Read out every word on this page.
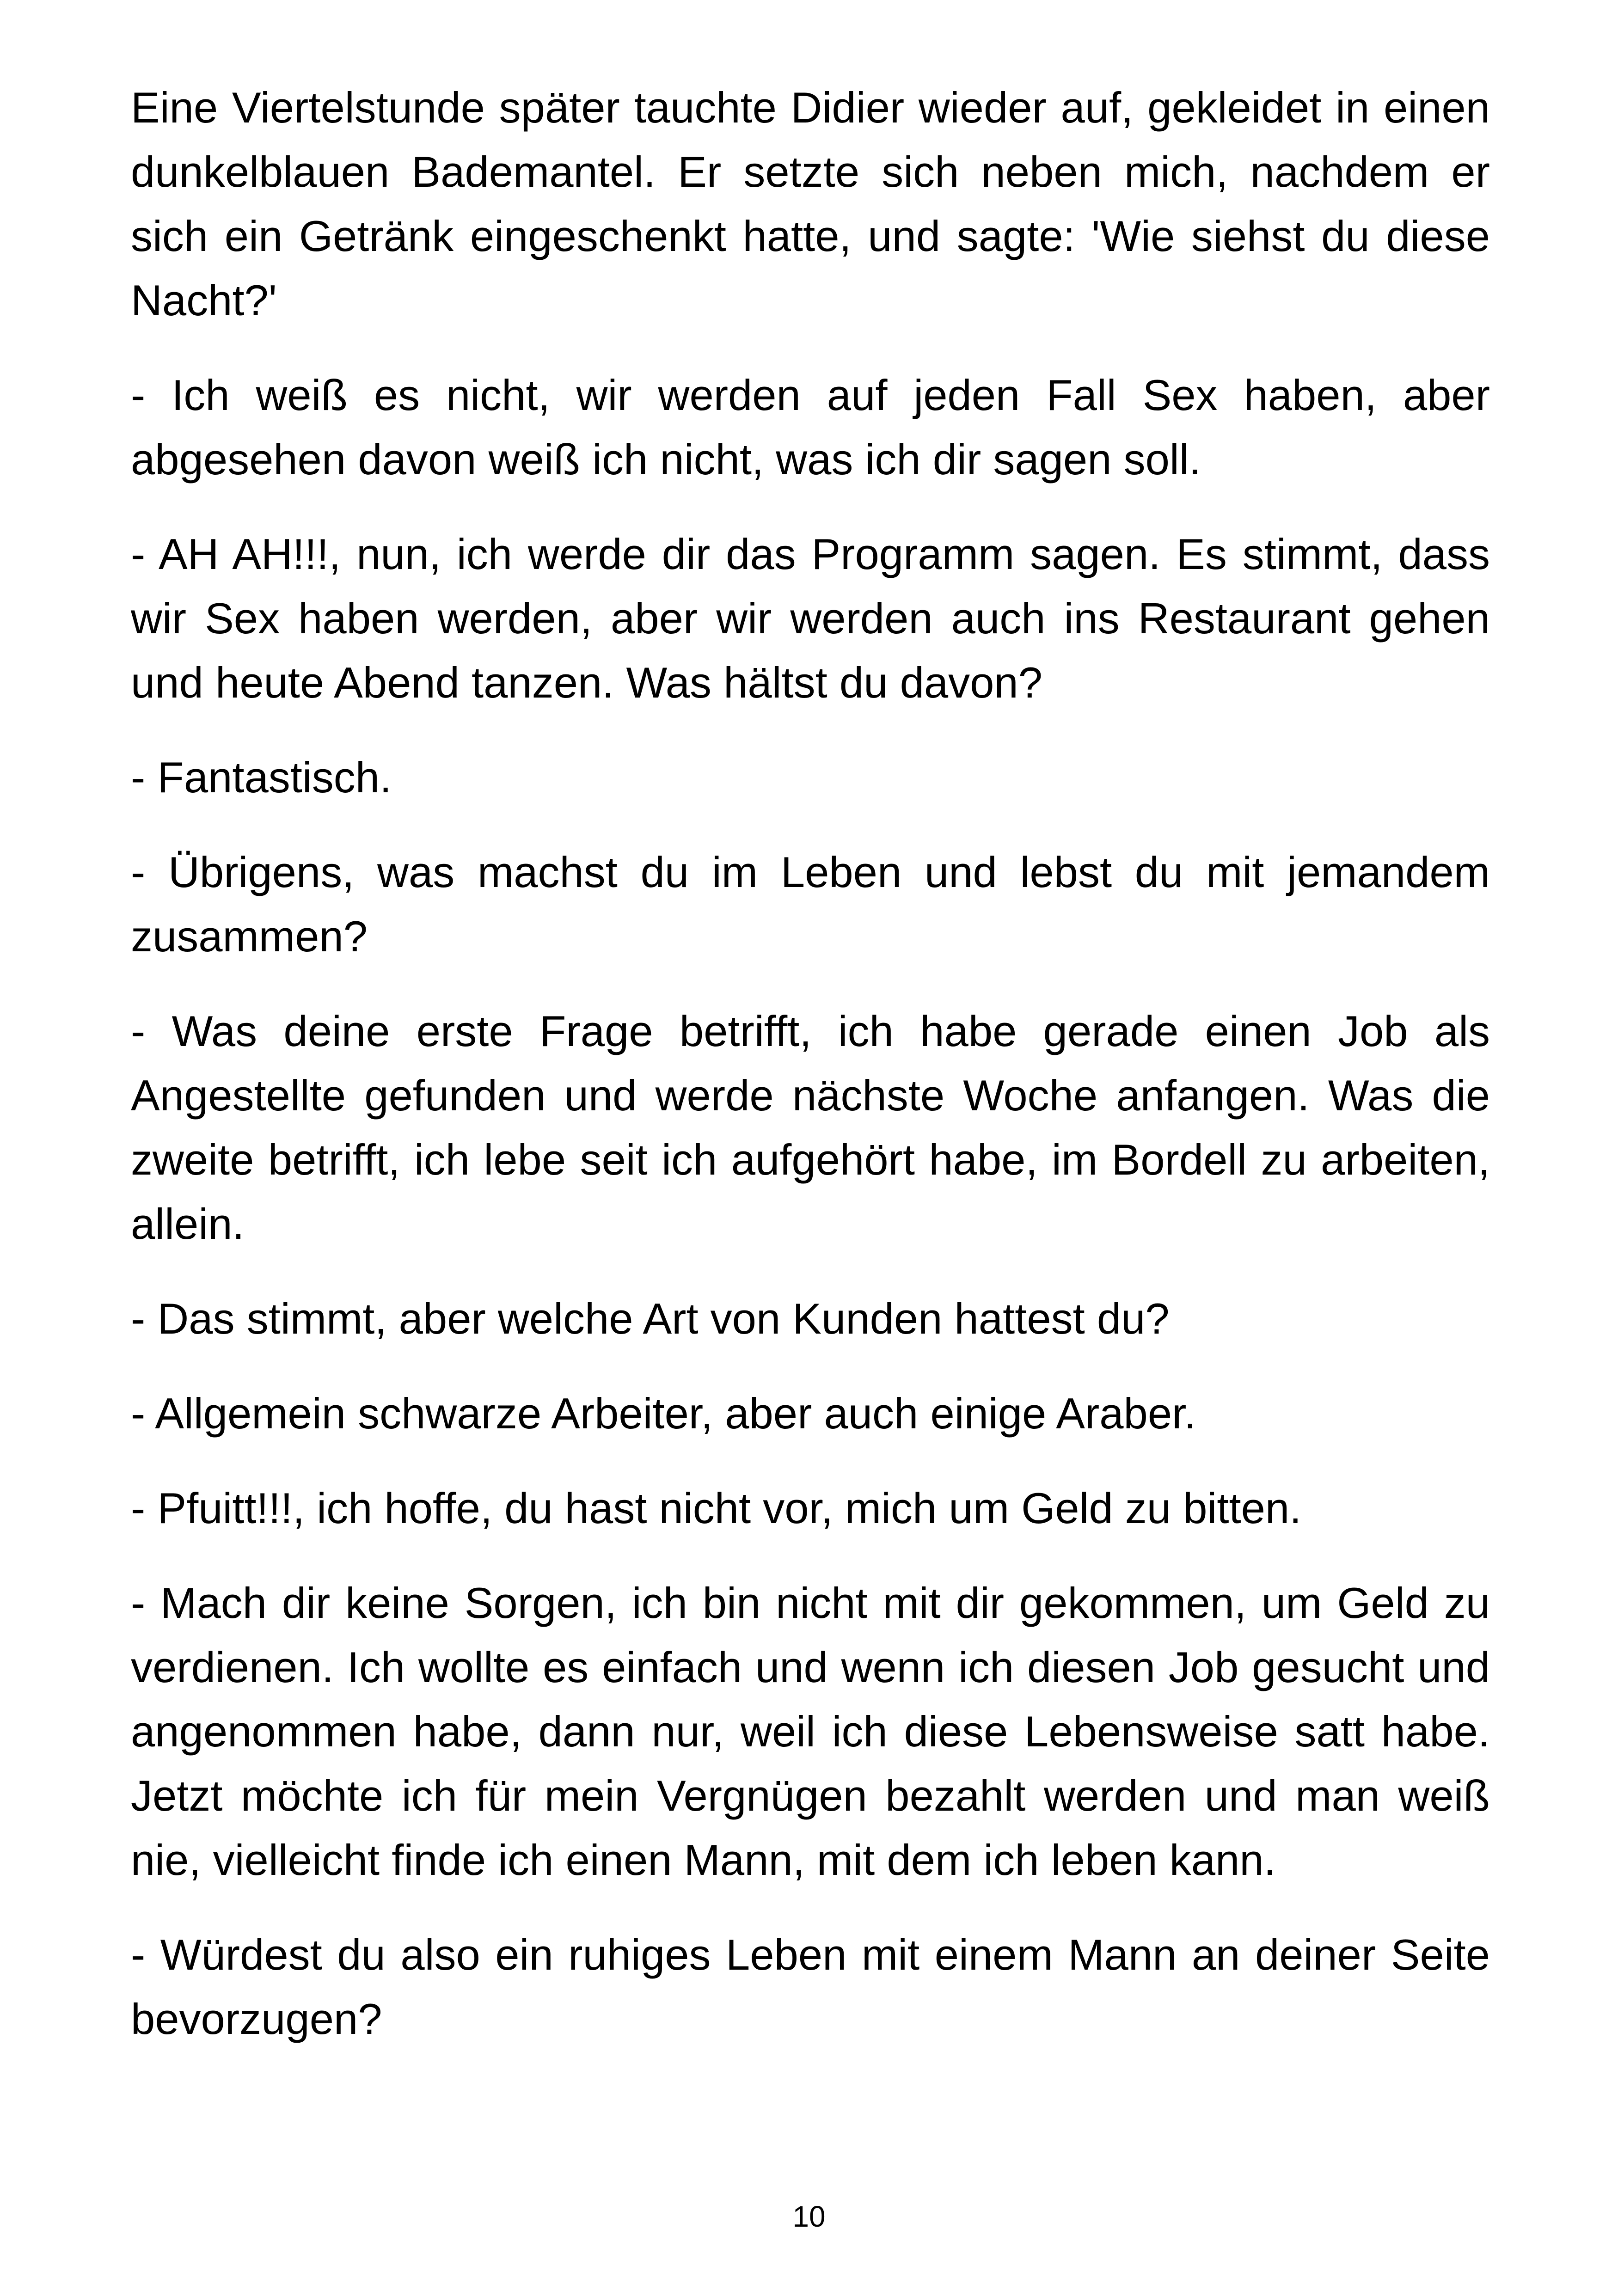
Eine Viertelstunde später tauchte Didier wieder auf, gekleidet in einen dunkelblauen Bademantel. Er setzte sich neben mich, nachdem er sich ein Getränk eingeschenkt hatte, und sagte: 'Wie siehst du diese Nacht?'

- Ich weiß es nicht, wir werden auf jeden Fall Sex haben, aber abgesehen davon weiß ich nicht, was ich dir sagen soll.

- AH AH!!!, nun, ich werde dir das Programm sagen. Es stimmt, dass wir Sex haben werden, aber wir werden auch ins Restaurant gehen und heute Abend tanzen. Was hältst du davon?

- Fantastisch.

- Übrigens, was machst du im Leben und lebst du mit jemandem zusammen?

- Was deine erste Frage betrifft, ich habe gerade einen Job als Angestellte gefunden und werde nächste Woche anfangen. Was die zweite betrifft, ich lebe seit ich aufgehört habe, im Bordell zu arbeiten, allein.

- Das stimmt, aber welche Art von Kunden hattest du?

- Allgemein schwarze Arbeiter, aber auch einige Araber.

- Pfuitt!!!, ich hoffe, du hast nicht vor, mich um Geld zu bitten.

- Mach dir keine Sorgen, ich bin nicht mit dir gekommen, um Geld zu verdienen. Ich wollte es einfach und wenn ich diesen Job gesucht und angenommen habe, dann nur, weil ich diese Lebensweise satt habe. Jetzt möchte ich für mein Vergnügen bezahlt werden und man weiß nie, vielleicht finde ich einen Mann, mit dem ich leben kann.

- Würdest du also ein ruhiges Leben mit einem Mann an deiner Seite bevorzugen?

10
